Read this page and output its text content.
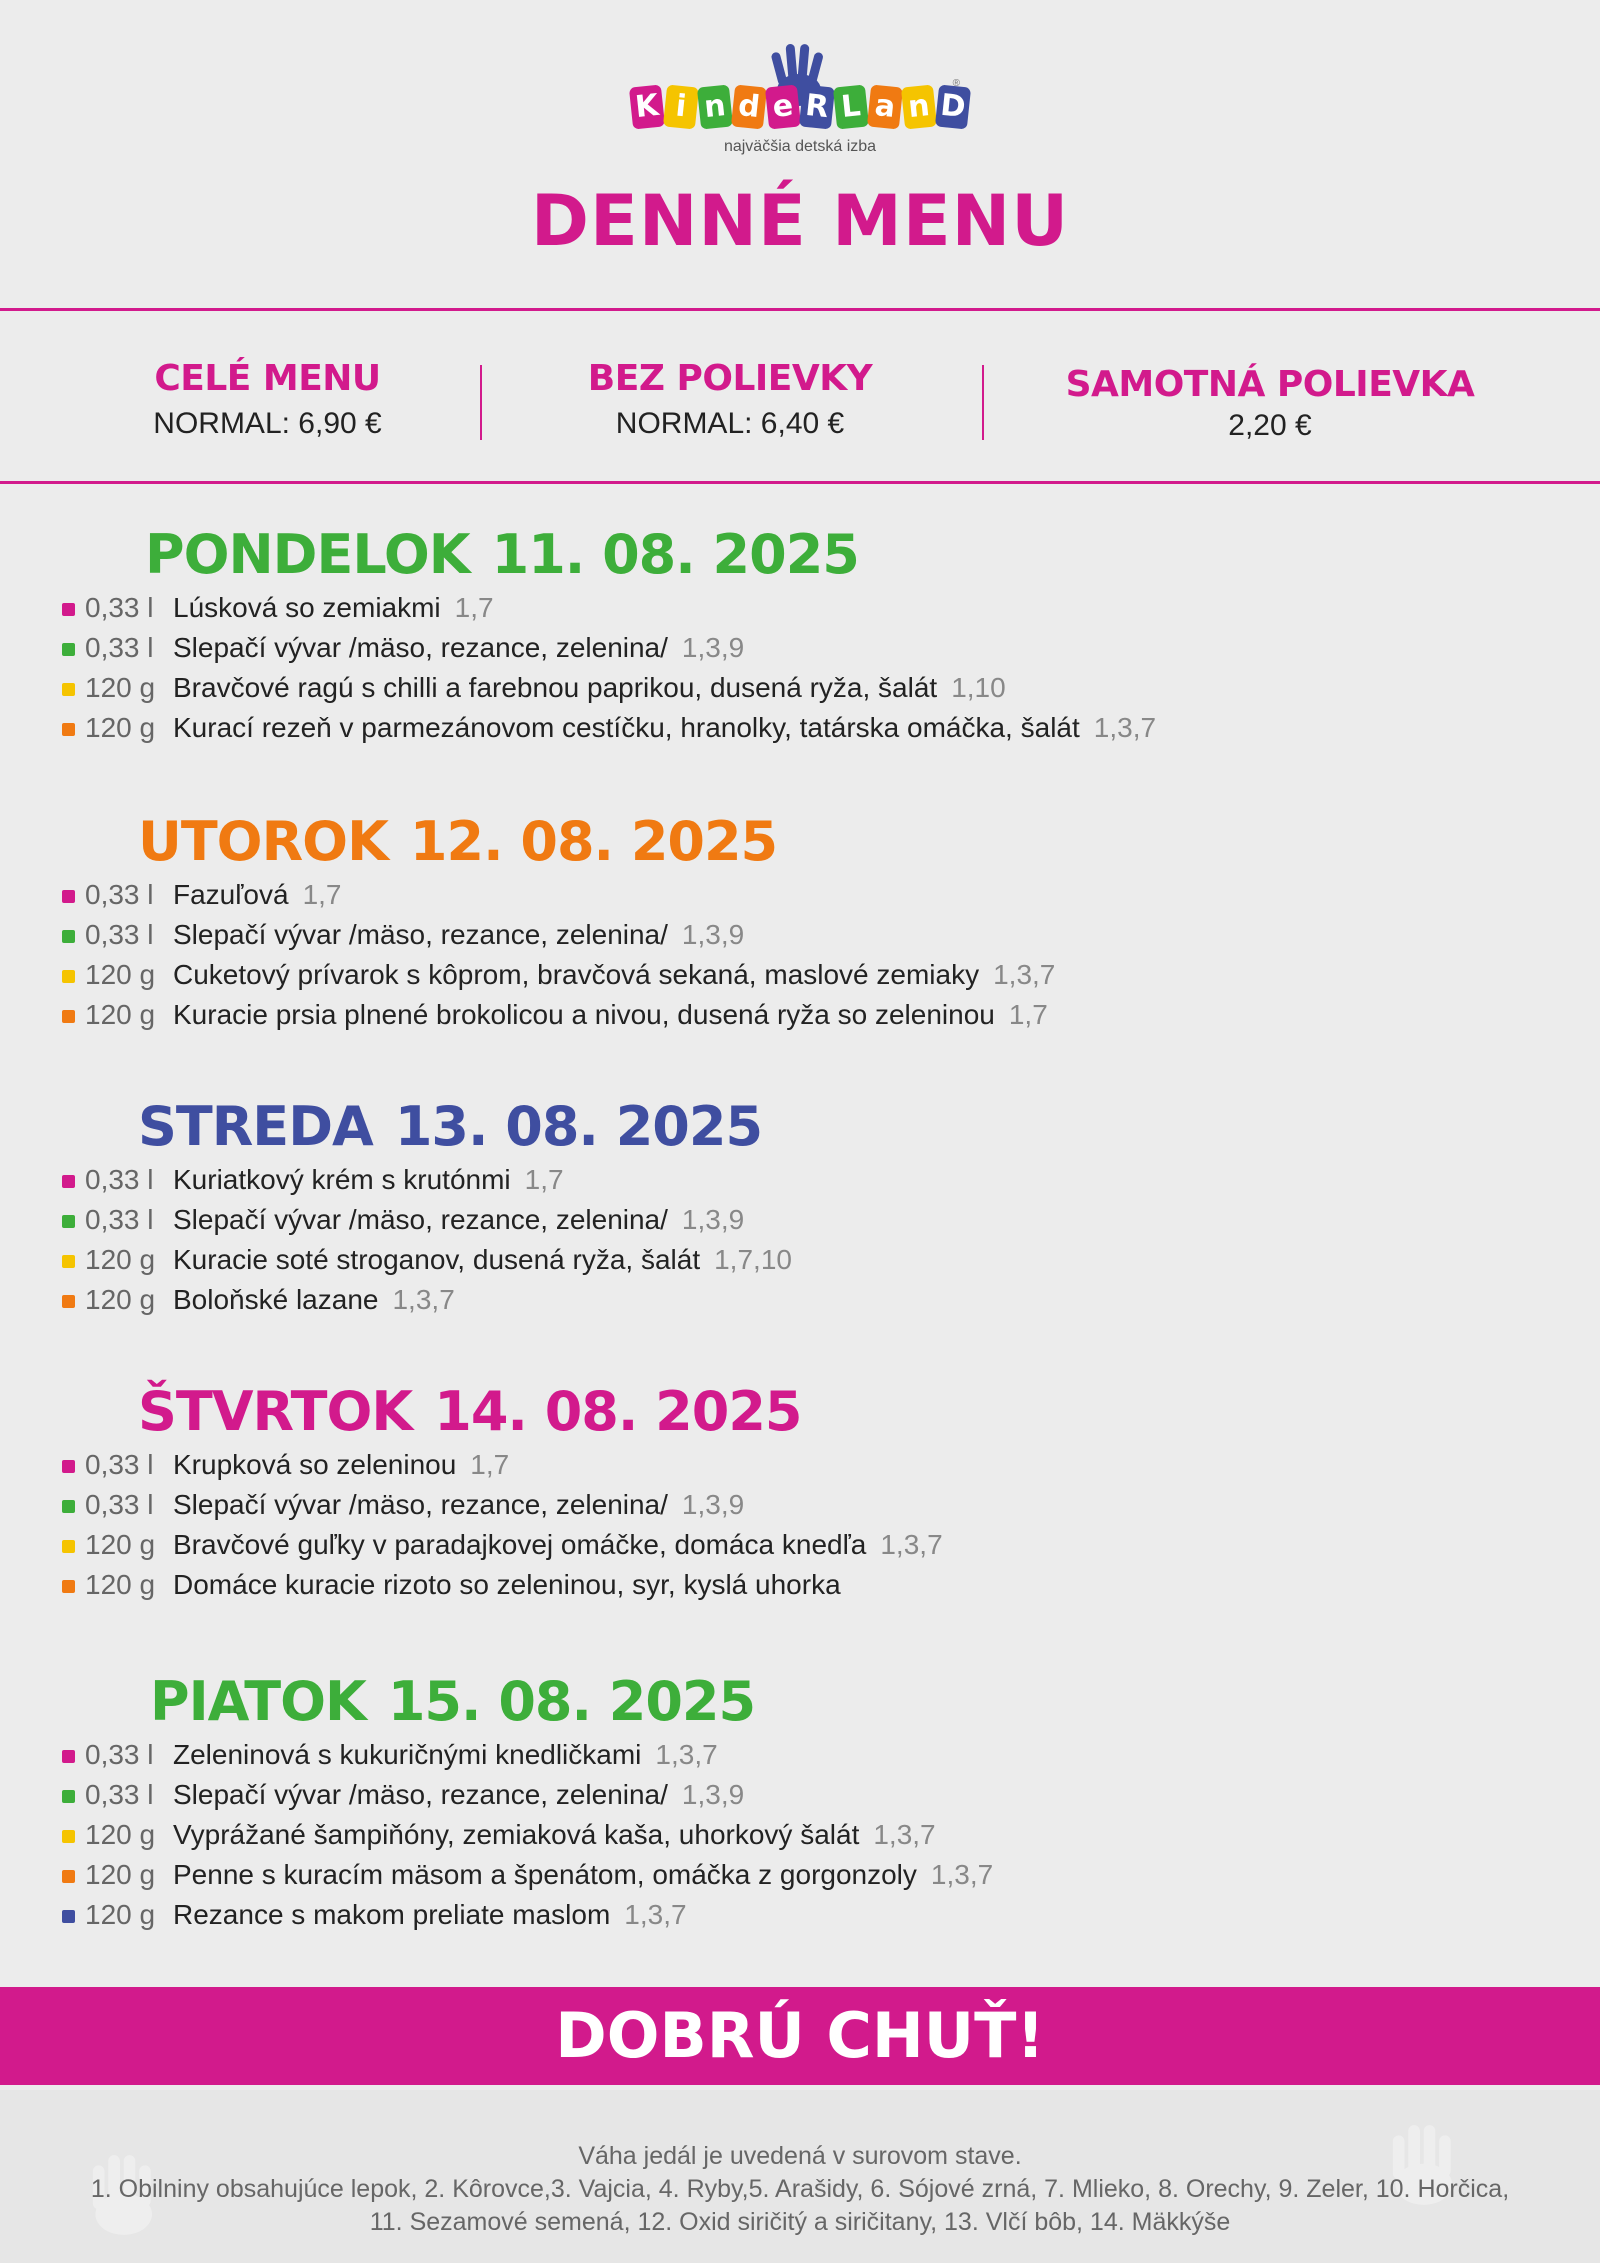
K i n d e R L a n D
®
najväčšia detská izba
DENNÉ MENU
CELÉ MENU
NORMAL: 6,90 €
BEZ POLIEVKY
NORMAL: 6,40 €
SAMOTNÁ POLIEVKA
2,20 €
PONDELOK 11. 08. 2025
0,33 l Lúsková so zemiakmi 1,7
0,33 l Slepačí vývar /mäso, rezance, zelenina/ 1,3,9
120 g Bravčové ragú s chilli a farebnou paprikou, dusená ryža, šalát 1,10
120 g Kurací rezeň v parmezánovom cestíčku, hranolky, tatárska omáčka, šalát 1,3,7
UTOROK 12. 08. 2025
0,33 l Fazuľová 1,7
0,33 l Slepačí vývar /mäso, rezance, zelenina/ 1,3,9
120 g Cuketový prívarok s kôprom, bravčová sekaná, maslové zemiaky 1,3,7
120 g Kuracie prsia plnené brokolicou a nivou, dusená ryža so zeleninou 1,7
STREDA 13. 08. 2025
0,33 l Kuriatkový krém s krutónmi 1,7
0,33 l Slepačí vývar /mäso, rezance, zelenina/ 1,3,9
120 g Kuracie soté stroganov, dusená ryža, šalát 1,7,10
120 g Boloňské lazane 1,3,7
ŠTVRTOK 14. 08. 2025
0,33 l Krupková so zeleninou 1,7
0,33 l Slepačí vývar /mäso, rezance, zelenina/ 1,3,9
120 g Bravčové guľky v paradajkovej omáčke, domáca knedľa 1,3,7
120 g Domáce kuracie rizoto so zeleninou, syr, kyslá uhorka
PIATOK 15. 08. 2025
0,33 l Zeleninová s kukuričnými knedličkami 1,3,7
0,33 l Slepačí vývar /mäso, rezance, zelenina/ 1,3,9
120 g Vyprážané šampiňóny, zemiaková kaša, uhorkový šalát 1,3,7
120 g Penne s kuracím mäsom a špenátom, omáčka z gorgonzoly 1,3,7
120 g Rezance s makom preliate maslom 1,3,7
DOBRÚ CHUŤ!
Váha jedál je uvedená v surovom stave.
1. Obilniny obsahujúce lepok, 2. Kôrovce,3. Vajcia, 4. Ryby,5. Arašidy, 6. Sójové zrná, 7. Mlieko, 8. Orechy, 9. Zeler, 10. Horčica,
11. Sezamové semená, 12. Oxid siričitý a siričitany, 13. Vlčí bôb, 14. Mäkkýše
